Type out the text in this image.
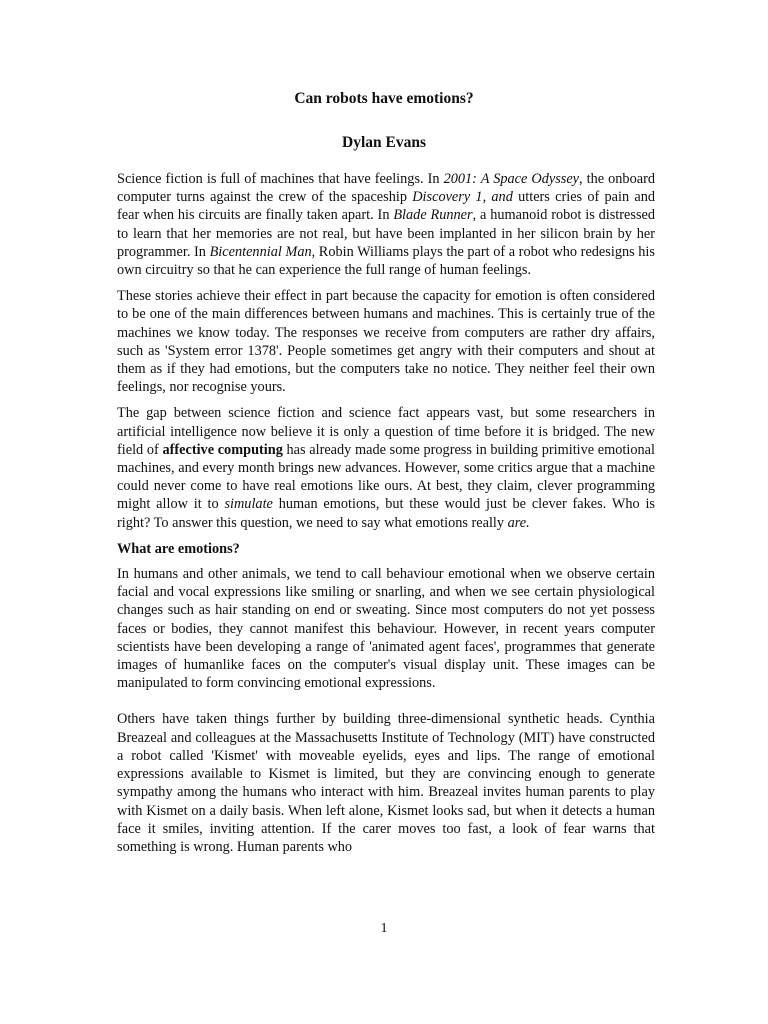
Can robots have emotions?
Dylan Evans

Science fiction is full of machines that have feelings. In 2001: A Space Odyssey, the onboard computer turns against the crew of the spaceship Discovery 1, and utters cries of pain and fear when his circuits are finally taken apart. In Blade Runner, a humanoid robot is distressed to learn that her memories are not real, but have been implanted in her silicon brain by her programmer. In Bicentennial Man, Robin Williams plays the part of a robot who redesigns his own circuitry so that he can experience the full range of human feelings.

These stories achieve their effect in part because the capacity for emotion is often considered to be one of the main differences between humans and machines. This is certainly true of the machines we know today. The responses we receive from computers are rather dry affairs, such as 'System error 1378'. People sometimes get angry with their computers and shout at them as if they had emotions, but the computers take no notice. They neither feel their own feelings, nor recognise yours.

The gap between science fiction and science fact appears vast, but some researchers in artificial intelligence now believe it is only a question of time before it is bridged. The new field of affective computing has already made some progress in building primitive emotional machines, and every month brings new advances. However, some critics argue that a machine could never come to have real emotions like ours. At best, they claim, clever programming might allow it to simulate human emotions, but these would just be clever fakes. Who is right? To answer this question, we need to say what emotions really are.

What are emotions?

In humans and other animals, we tend to call behaviour emotional when we observe certain facial and vocal expressions like smiling or snarling, and when we see certain physiological changes such as hair standing on end or sweating. Since most computers do not yet possess faces or bodies, they cannot manifest this behaviour. However, in recent years computer scientists have been developing a range of 'animated agent faces', programmes that generate images of humanlike faces on the computer's visual display unit. These images can be manipulated to form convincing emotional expressions.

Others have taken things further by building three-dimensional synthetic heads. Cynthia Breazeal and colleagues at the Massachusetts Institute of Technology (MIT) have constructed a robot called 'Kismet' with moveable eyelids, eyes and lips. The range of emotional expressions available to Kismet is limited, but they are convincing enough to generate sympathy among the humans who interact with him. Breazeal invites human parents to play with Kismet on a daily basis. When left alone, Kismet looks sad, but when it detects a human face it smiles, inviting attention. If the carer moves too fast, a look of fear warns that something is wrong. Human parents who

1
